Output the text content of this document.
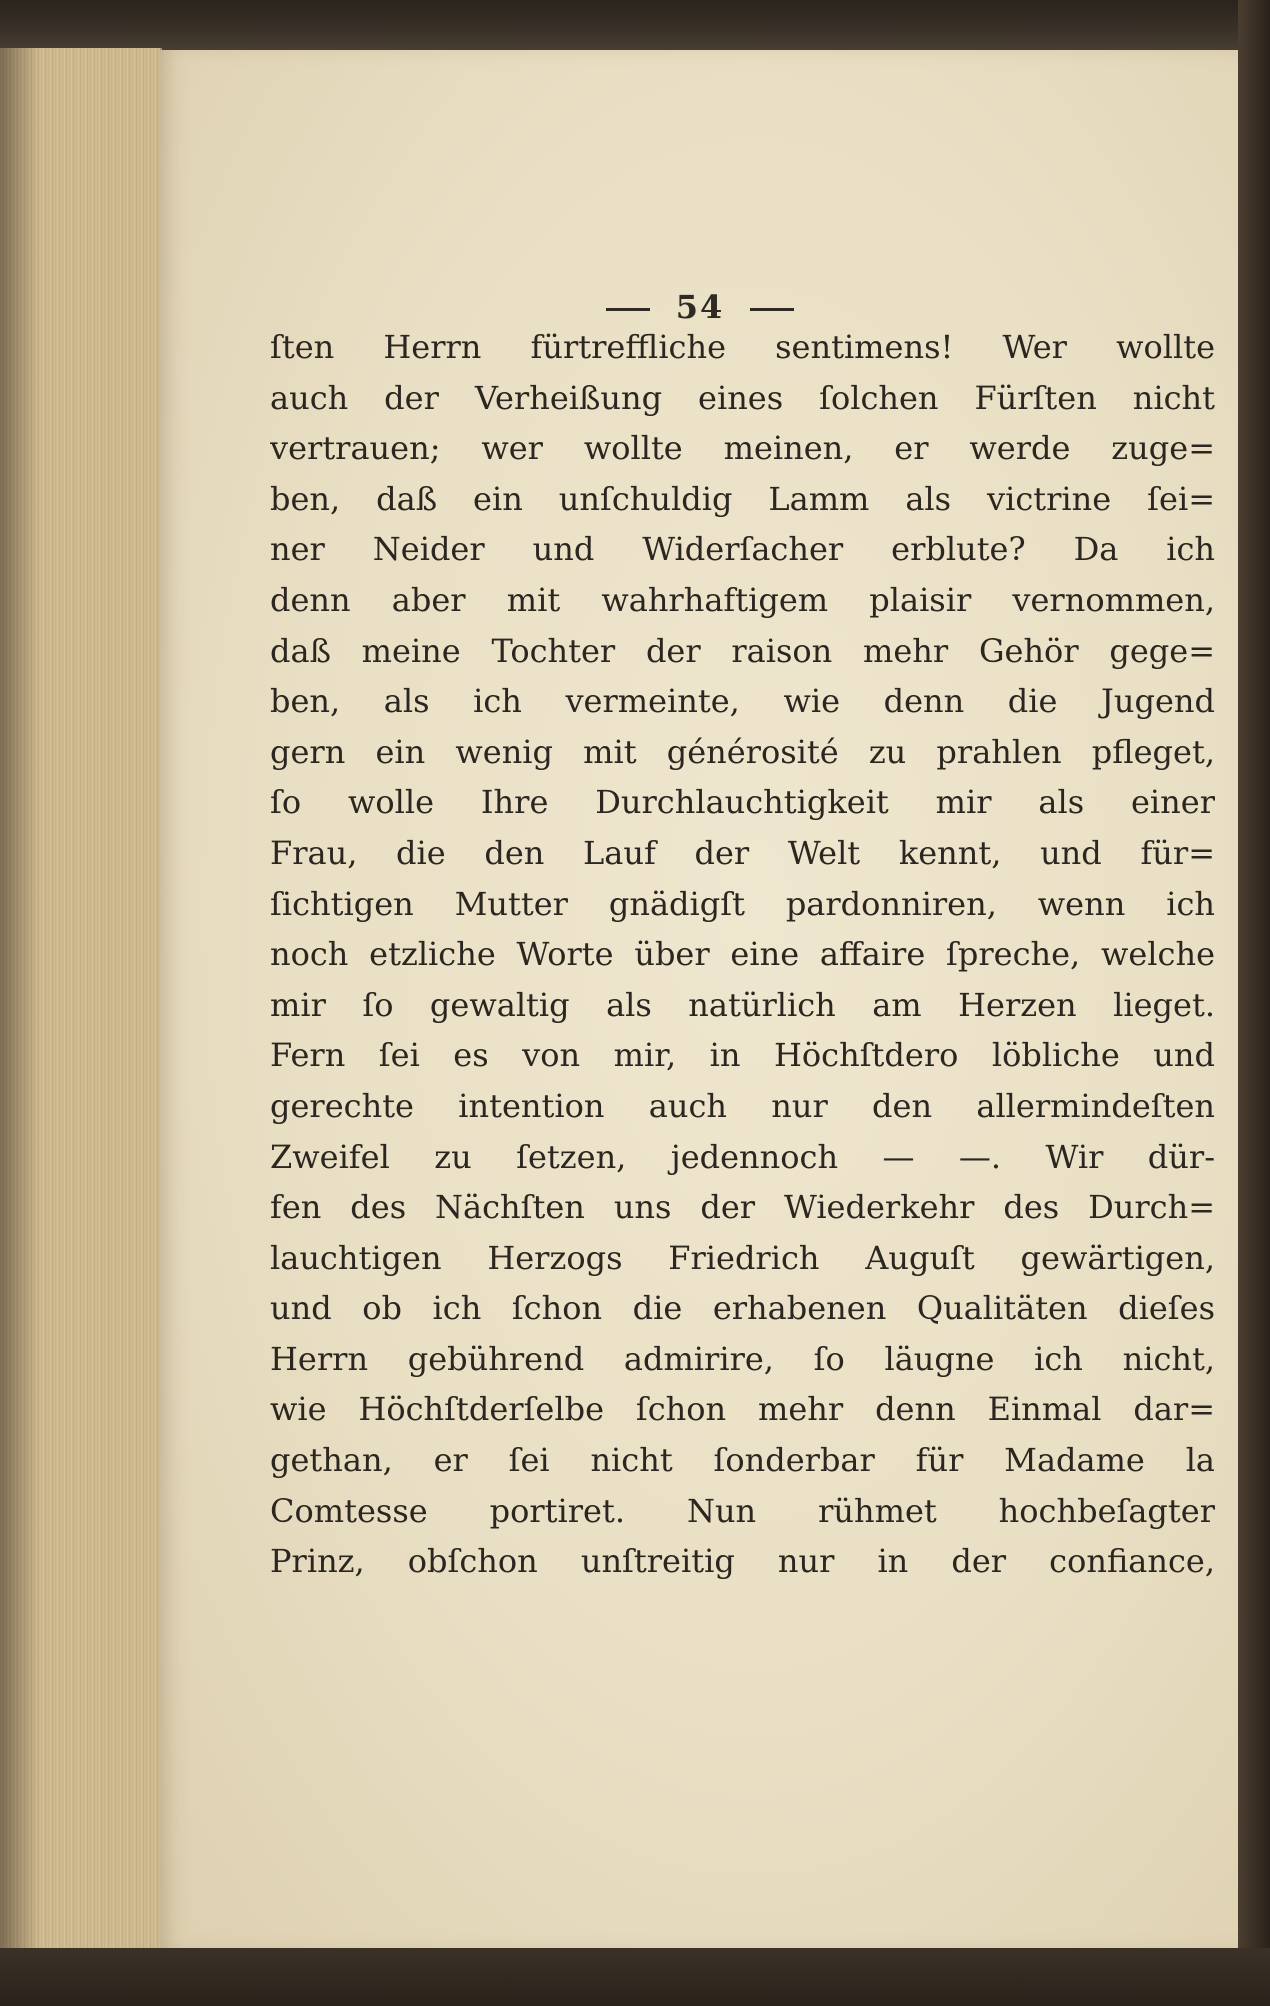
54
ſten Herrn fürtreffliche sentimens! Wer wollte
auch der Verheißung eines ſolchen Fürſten nicht
vertrauen; wer wollte meinen, er werde zuge=
ben, daß ein unſchuldig Lamm als victrine ſei=
ner Neider und Widerſacher erblute? Da ich
denn aber mit wahrhaftigem plaisir vernommen,
daß meine Tochter der raison mehr Gehör gege=
ben, als ich vermeinte, wie denn die Jugend
gern ein wenig mit générosité zu prahlen pfleget,
ſo wolle Ihre Durchlauchtigkeit mir als einer
Frau, die den Lauf der Welt kennt, und für=
ſichtigen Mutter gnädigſt pardonniren, wenn ich
noch etzliche Worte über eine affaire ſpreche, welche
mir ſo gewaltig als natürlich am Herzen lieget.
Fern ſei es von mir, in Höchſtdero löbliche und
gerechte intention auch nur den allermindeſten
Zweifel zu ſetzen, jedennoch — —. Wir dür-
fen des Nächſten uns der Wiederkehr des Durch=
lauchtigen Herzogs Friedrich Auguſt gewärtigen,
und ob ich ſchon die erhabenen Qualitäten dieſes
Herrn gebührend admirire, ſo läugne ich nicht,
wie Höchſtderſelbe ſchon mehr denn Einmal dar=
gethan, er ſei nicht ſonderbar für Madame la
Comtesse portiret. Nun rühmet hochbeſagter
Prinz, obſchon unſtreitig nur in der confiance,
